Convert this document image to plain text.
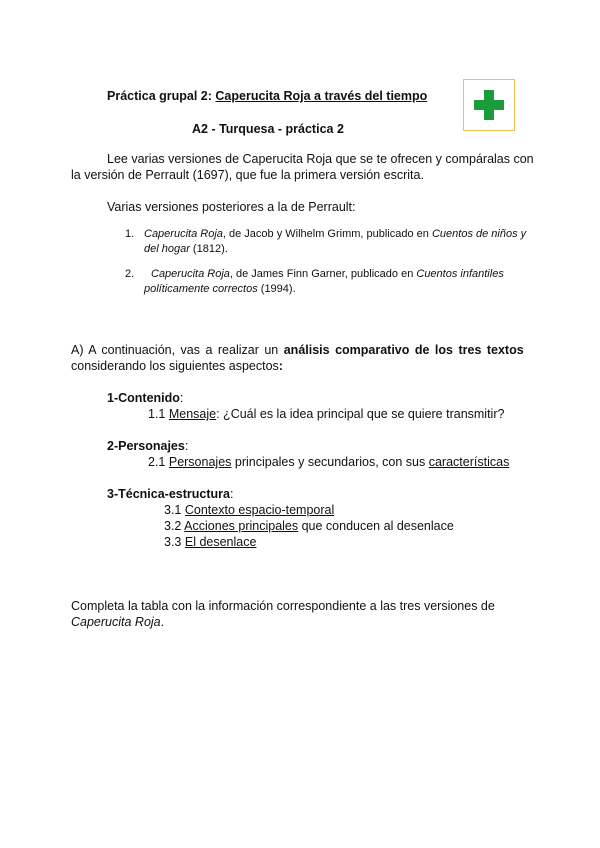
Práctica grupal 2: Caperucita Roja a través del tiempo
A2 - Turquesa - práctica 2
Lee varias versiones de Caperucita Roja que se te ofrecen y compáralas con
la versión de Perrault (1697), que fue la primera versión escrita.
Varias versiones posteriores a la de Perrault:
1. Caperucita Roja, de Jacob y Wilhelm Grimm, publicado en Cuentos de niños y
del hogar (1812).
2. Caperucita Roja, de James Finn Garner, publicado en Cuentos infantiles
políticamente correctos (1994).
A) A continuación, vas a realizar un análisis comparativo de los tres textos
considerando los siguientes aspectos:
1-Contenido:
1.1 Mensaje: ¿Cuál es la idea principal que se quiere transmitir?
2-Personajes:
2.1 Personajes principales y secundarios, con sus características
3-Técnica-estructura:
3.1 Contexto espacio-temporal
3.2 Acciones principales que conducen al desenlace
3.3 El desenlace
Completa la tabla con la información correspondiente a las tres versiones de
Caperucita Roja.
